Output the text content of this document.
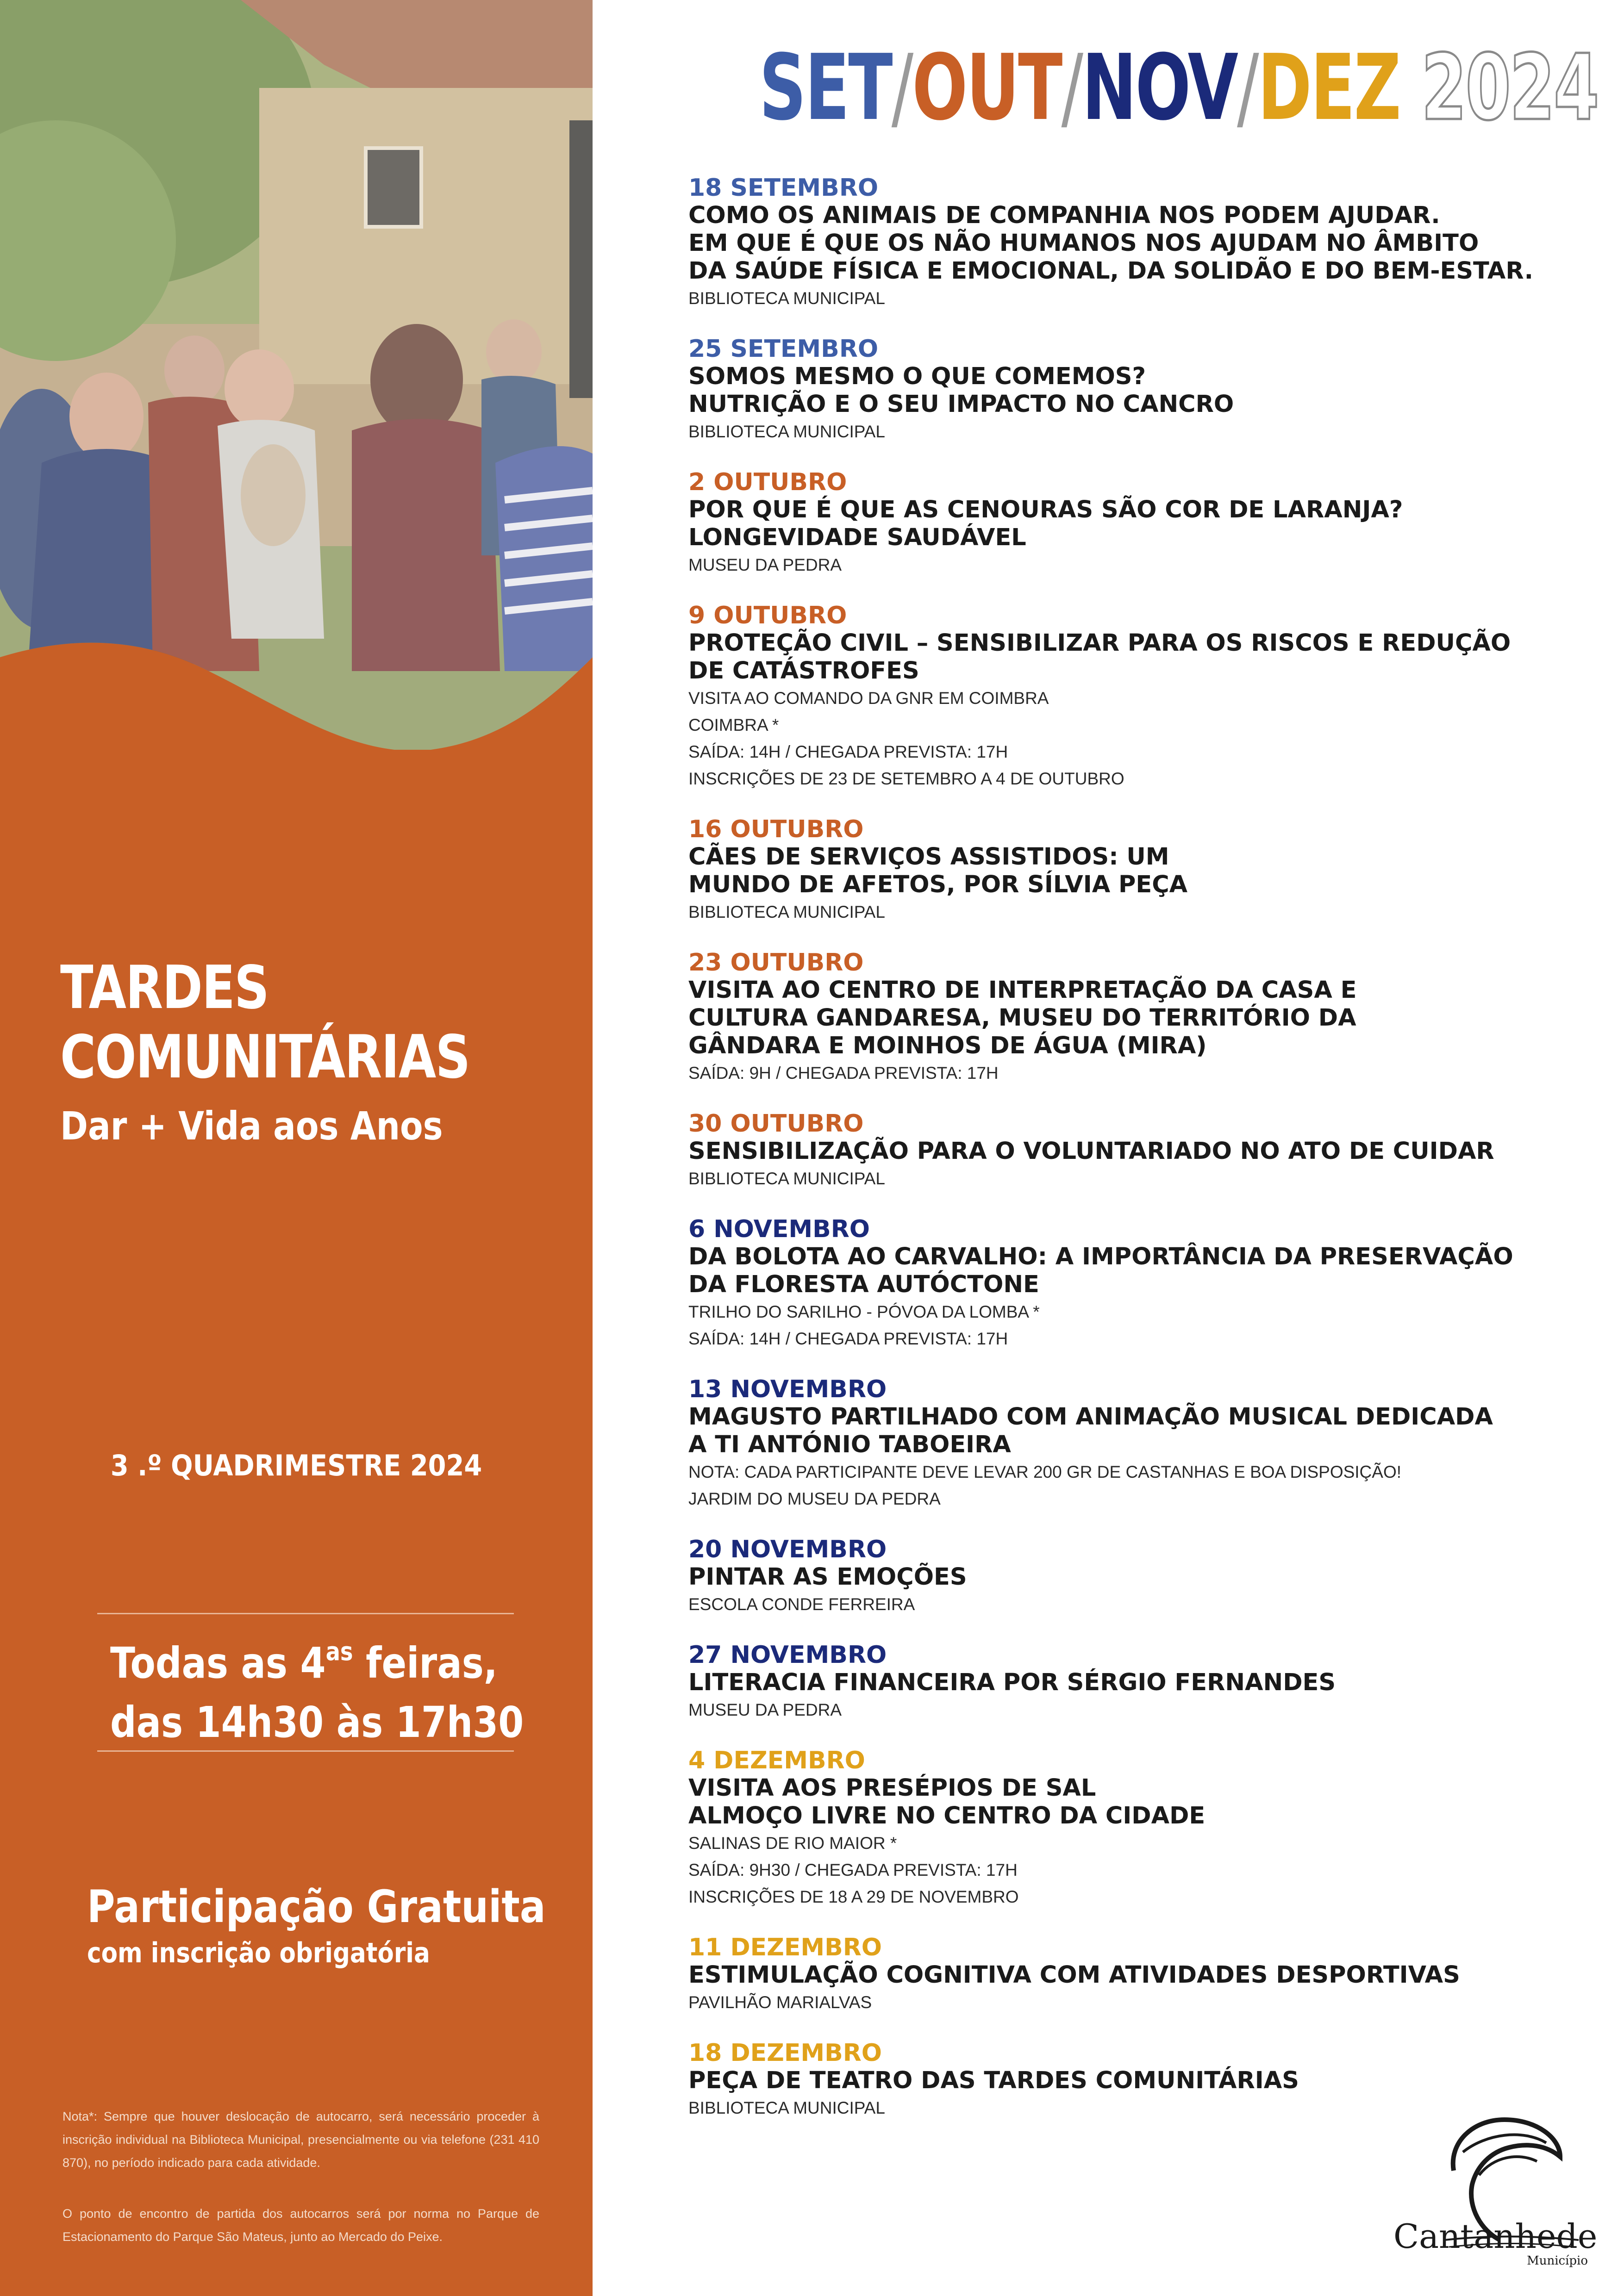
TARDES
COMUNITÁRIAS
Dar + Vida aos Anos
3 .º QUADRIMESTRE 2024
Todas as $4^{as}$ feiras,
das 14h30 às 17h30
Participação Gratuita
com inscrição obrigatória
Nota*: Sempre que houver deslocação de autocarro, será necessário proceder à inscrição individual na Biblioteca Municipal, presencialmente ou via telefone (231 410 870), no período indicado para cada atividade.
O ponto de encontro de partida dos autocarros será por norma no Parque de Estacionamento do Parque São Mateus, junto ao Mercado do Peixe.
SET/OUT/NOV/DEZ 2024
18 SETEMBRO
COMO OS ANIMAIS DE COMPANHIA NOS PODEM AJUDAR.
EM QUE É QUE OS NÃO HUMANOS NOS AJUDAM NO ÂMBITO
DA SAÚDE FÍSICA E EMOCIONAL, DA SOLIDÃO E DO BEM-ESTAR.
BIBLIOTECA MUNICIPAL
25 SETEMBRO
SOMOS MESMO O QUE COMEMOS?
NUTRIÇÃO E O SEU IMPACTO NO CANCRO
BIBLIOTECA MUNICIPAL
2 OUTUBRO
POR QUE É QUE AS CENOURAS SÃO COR DE LARANJA?
LONGEVIDADE SAUDÁVEL
MUSEU DA PEDRA
9 OUTUBRO
PROTEÇÃO CIVIL – SENSIBILIZAR PARA OS RISCOS E REDUÇÃO
DE CATÁSTROFES
VISITA AO COMANDO DA GNR EM COIMBRA
COIMBRA *
SAÍDA: 14H / CHEGADA PREVISTA: 17H
INSCRIÇÕES DE 23 DE SETEMBRO A 4 DE OUTUBRO
16 OUTUBRO
CÃES DE SERVIÇOS ASSISTIDOS: UM
MUNDO DE AFETOS, POR SÍLVIA PEÇA
BIBLIOTECA MUNICIPAL
23 OUTUBRO
VISITA AO CENTRO DE INTERPRETAÇÃO DA CASA E
CULTURA GANDARESA, MUSEU DO TERRITÓRIO DA
GÂNDARA E MOINHOS DE ÁGUA (MIRA)
SAÍDA: 9H / CHEGADA PREVISTA: 17H
30 OUTUBRO
SENSIBILIZAÇÃO PARA O VOLUNTARIADO NO ATO DE CUIDAR
BIBLIOTECA MUNICIPAL
6 NOVEMBRO
DA BOLOTA AO CARVALHO: A IMPORTÂNCIA DA PRESERVAÇÃO
DA FLORESTA AUTÓCTONE
TRILHO DO SARILHO - PÓVOA DA LOMBA *
SAÍDA: 14H / CHEGADA PREVISTA: 17H
13 NOVEMBRO
MAGUSTO PARTILHADO COM ANIMAÇÃO MUSICAL DEDICADA
A TI ANTÓNIO TABOEIRA
NOTA: CADA PARTICIPANTE DEVE LEVAR 200 GR DE CASTANHAS E BOA DISPOSIÇÃO!
JARDIM DO MUSEU DA PEDRA
20 NOVEMBRO
PINTAR AS EMOÇÕES
ESCOLA CONDE FERREIRA
27 NOVEMBRO
LITERACIA FINANCEIRA POR SÉRGIO FERNANDES
MUSEU DA PEDRA
4 DEZEMBRO
VISITA AOS PRESÉPIOS DE SAL
ALMOÇO LIVRE NO CENTRO DA CIDADE
SALINAS DE RIO MAIOR *
SAÍDA: 9H30 / CHEGADA PREVISTA: 17H
INSCRIÇÕES DE 18 A 29 DE NOVEMBRO
11 DEZEMBRO
ESTIMULAÇÃO COGNITIVA COM ATIVIDADES DESPORTIVAS
PAVILHÃO MARIALVAS
18 DEZEMBRO
PEÇA DE TEATRO DAS TARDES COMUNITÁRIAS
BIBLIOTECA MUNICIPAL
Cantanhede
Município
